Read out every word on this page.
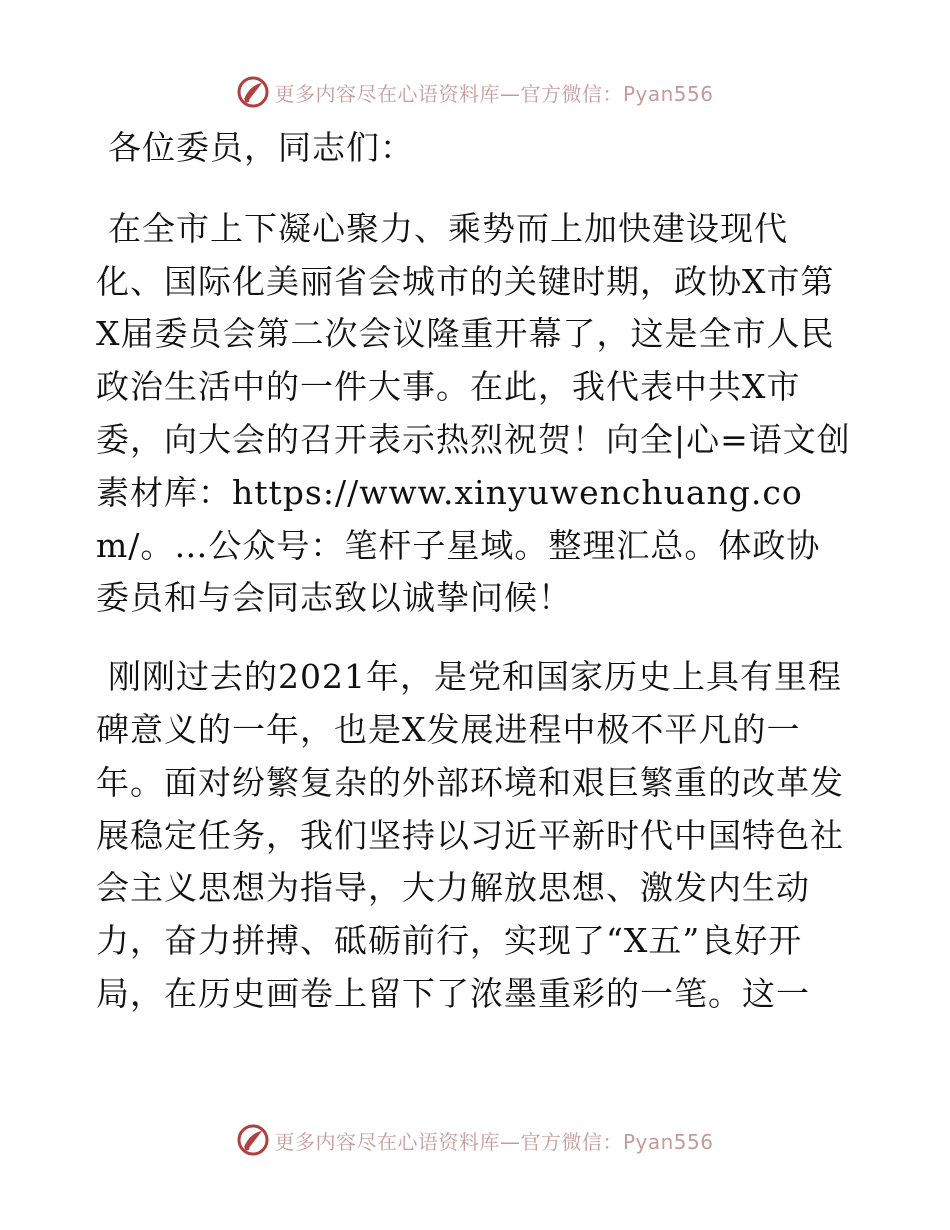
更多内容尽在心语资料库—官方微信：Pyan556

各位委员，同志们：

在全市上下凝心聚力、乘势而上加快建设现代化、国际化美丽省会城市的关键时期，政协X市第X届委员会第二次会议隆重开幕了，这是全市人民政治生活中的一件大事。在此，我代表中共X市委，向大会的召开表示热烈祝贺！向全|心=语文创素材库：https://www.xinyuwenchuang.com/。…公众号：笔杆子星域。整理汇总。体政协委员和与会同志致以诚挚问候！

刚刚过去的2021年，是党和国家历史上具有里程碑意义的一年，也是X发展进程中极不平凡的一年。面对纷繁复杂的外部环境和艰巨繁重的改革发展稳定任务，我们坚持以习近平新时代中国特色社会主义思想为指导，大力解放思想、激发内生动力，奋力拼搏、砥砺前行，实现了“X五”良好开局，在历史画卷上留下了浓墨重彩的一笔。这一

更多内容尽在心语资料库—官方微信：Pyan556
